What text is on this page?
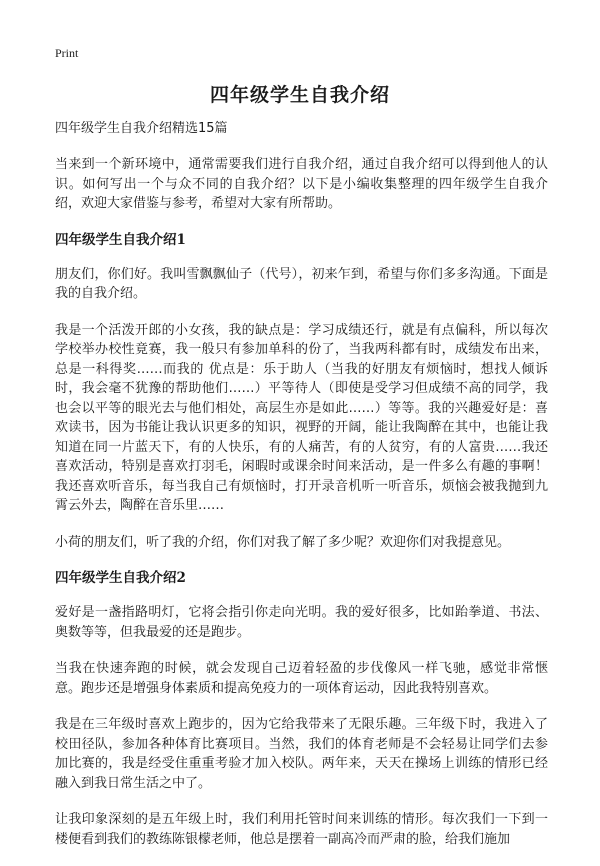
Print
四年级学生自我介绍

四年级学生自我介绍精选15篇

当来到一个新环境中，通常需要我们进行自我介绍，通过自我介绍可以得到他人的认识。如何写出一个与众不同的自我介绍？以下是小编收集整理的四年级学生自我介绍，欢迎大家借鉴与参考，希望对大家有所帮助。

四年级学生自我介绍1

朋友们，你们好。我叫雪飘飘仙子（代号），初来乍到，希望与你们多多沟通。下面是我的自我介绍。

我是一个活泼开郎的小女孩，我的缺点是：学习成绩还行，就是有点偏科，所以每次学校举办校性竟赛，我一般只有参加单科的份了，当我两科都有时，成绩发布出来，总是一科得奖……而我的 优点是：乐于助人（当我的好朋友有烦恼时，想找人倾诉时，我会毫不犹豫的帮助他们……）平等待人（即使是受学习但成绩不高的同学，我也会以平等的眼光去与他们相处，高层生亦是如此……）等等。我的兴趣爱好是：喜欢读书，因为书能让我认识更多的知识，视野的开阔，能让我陶醉在其中，也能让我知道在同一片蓝天下，有的人快乐，有的人痛苦，有的人贫穷，有的人富贵……我还喜欢活动，特别是喜欢打羽毛，闲暇时或课余时间来活动，是一件多么有趣的事啊！我还喜欢听音乐，每当我自己有烦恼时，打开录音机听一听音乐，烦恼会被我抛到九霄云外去，陶醉在音乐里……

小荷的朋友们，听了我的介绍，你们对我了解了多少呢？欢迎你们对我提意见。

四年级学生自我介绍2

爱好是一盏指路明灯，它将会指引你走向光明。我的爱好很多，比如跆拳道、书法、奥数等等，但我最爱的还是跑步。

当我在快速奔跑的时候，就会发现自己迈着轻盈的步伐像风一样飞驰，感觉非常惬意。跑步还是增强身体素质和提高免疫力的一项体育运动，因此我特别喜欢。

我是在三年级时喜欢上跑步的，因为它给我带来了无限乐趣。三年级下时，我进入了校田径队，参加各种体育比赛项目。当然，我们的体育老师是不会轻易让同学们去参加比赛的，我是经受住重重考验才加入校队。两年来，天天在操场上训练的情形已经融入到我日常生活之中了。

让我印象深刻的是五年级上时，我们利用托管时间来训练的情形。每次我们一下到一楼便看到我们的教练陈银檬老师，他总是摆着一副高冷而严肃的脸，给我们施加
